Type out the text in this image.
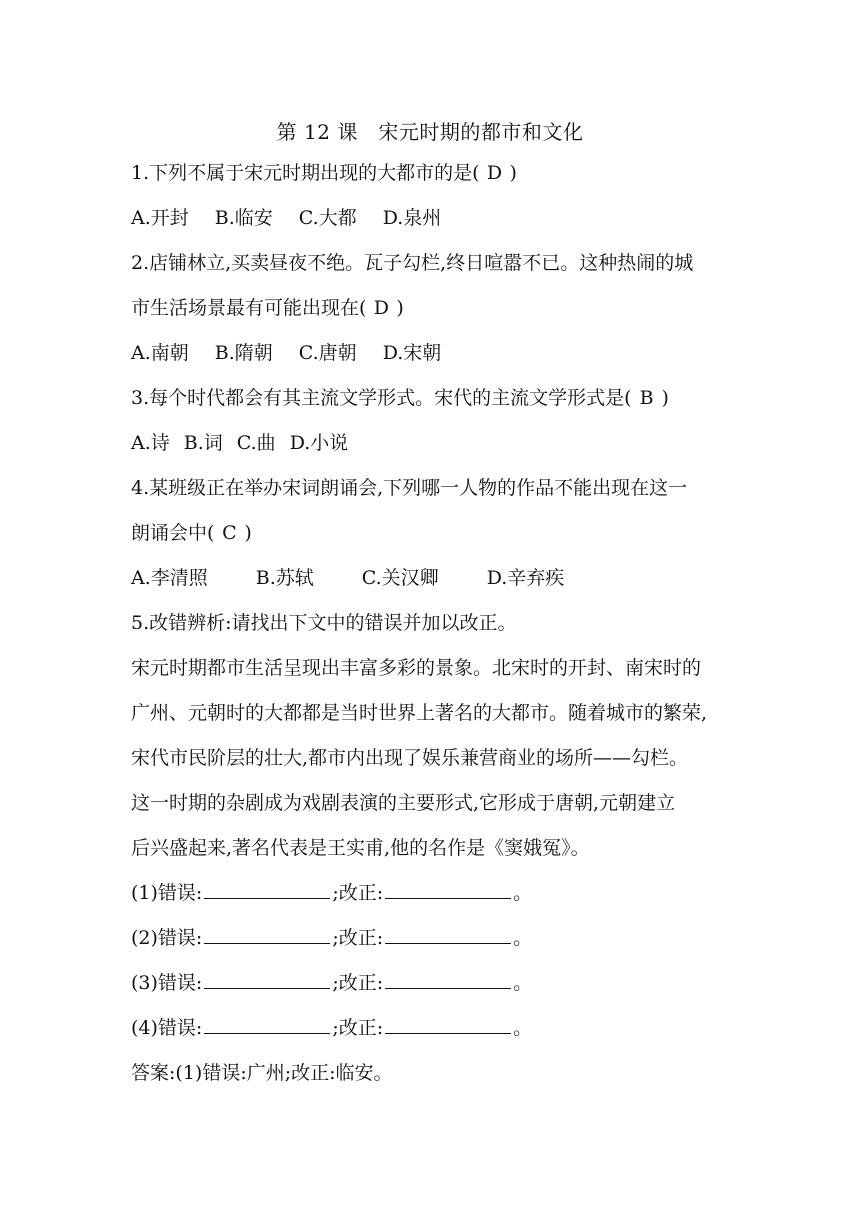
第 12 课　宋元时期的都市和文化
1.下列不属于宋元时期出现的大都市的是( D )
A.开封 B.临安 C.大都 D.泉州
2.店铺林立,买卖昼夜不绝。瓦子勾栏,终日喧嚣不已。这种热闹的城
市生活场景最有可能出现在( D )
A.南朝 B.隋朝 C.唐朝 D.宋朝
3.每个时代都会有其主流文学形式。宋代的主流文学形式是( B )
A.诗 B.词 C.曲 D.小说
4.某班级正在举办宋词朗诵会,下列哪一人物的作品不能出现在这一
朗诵会中( C )
A.李清照	B.苏轼	C.关汉卿	D.辛弃疾
5.改错辨析:请找出下文中的错误并加以改正。
宋元时期都市生活呈现出丰富多彩的景象。北宋时的开封、南宋时的
广州、元朝时的大都都是当时世界上著名的大都市。随着城市的繁荣,
宋代市民阶层的壮大,都市内出现了娱乐兼营商业的场所——勾栏。
这一时期的杂剧成为戏剧表演的主要形式,它形成于唐朝,元朝建立
后兴盛起来,著名代表是王实甫,他的名作是《窦娥冤》。
(1)错误:	;改正:	。
(2)错误:	;改正:	。
(3)错误:	;改正:	。
(4)错误:	;改正:	。
答案:(1)错误:广州;改正:临安。
